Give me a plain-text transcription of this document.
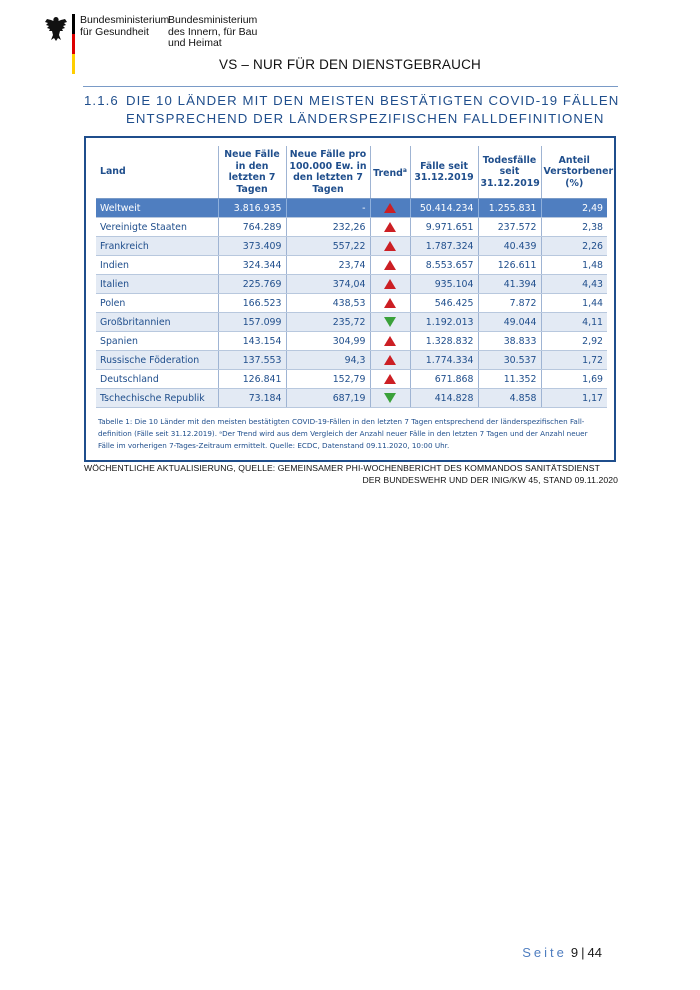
Bundesministerium
für Gesundheit
Bundesministerium
des Innern, für Bau
und Heimat
VS – NUR FÜR DEN DIENSTGEBRAUCH
1.1.6 DIE 10 LÄNDER MIT DEN MEISTEN BESTÄTIGTEN COVID-19 FÄLLEN
ENTSPRECHEND DER LÄNDERSPEZIFISCHEN FALLDEFINITIONEN
Land	Neue Fälle in den letzten 7 Tagen	Neue Fälle pro 100.000 Ew. in den letzten 7 Tagen	Trend$^a$	Fälle seit 31.12.2019	Todesfälle seit 31.12.2019	Anteil Verstorbener (%)
Weltweit	3.816.935	-		50.414.234	1.255.831	2,49
Vereinigte Staaten	764.289	232,26		9.971.651	237.572	2,38
Frankreich	373.409	557,22		1.787.324	40.439	2,26
Indien	324.344	23,74		8.553.657	126.611	1,48
Italien	225.769	374,04		935.104	41.394	4,43
Polen	166.523	438,53		546.425	7.872	1,44
Großbritannien	157.099	235,72		1.192.013	49.044	4,11
Spanien	143.154	304,99		1.328.832	38.833	2,92
Russische Föderation	137.553	94,3		1.774.334	30.537	1,72
Deutschland	126.841	152,79		671.868	11.352	1,69
Tschechische Republik	73.184	687,19		414.828	4.858	1,17
Tabelle 1: Die 10 Länder mit den meisten bestätigten COVID-19-Fällen in den letzten 7 Tagen entsprechend der länderspezifischen Fall-
definition (Fälle seit 31.12.2019). ᵃDer Trend wird aus dem Vergleich der Anzahl neuer Fälle in den letzten 7 Tagen und der Anzahl neuer
Fälle im vorherigen 7-Tages-Zeitraum ermittelt. Quelle: ECDC, Datenstand 09.11.2020, 10:00 Uhr.
WÖCHENTLICHE AKTUALISIERUNG, QUELLE: GEMEINSAMER PHI-WOCHENBERICHT DES KOMMANDOS SANITÄTSDIENST
DER BUNDESWEHR UND DER INIG/KW 45, STAND 09.11.2020
Seite 9 | 44
